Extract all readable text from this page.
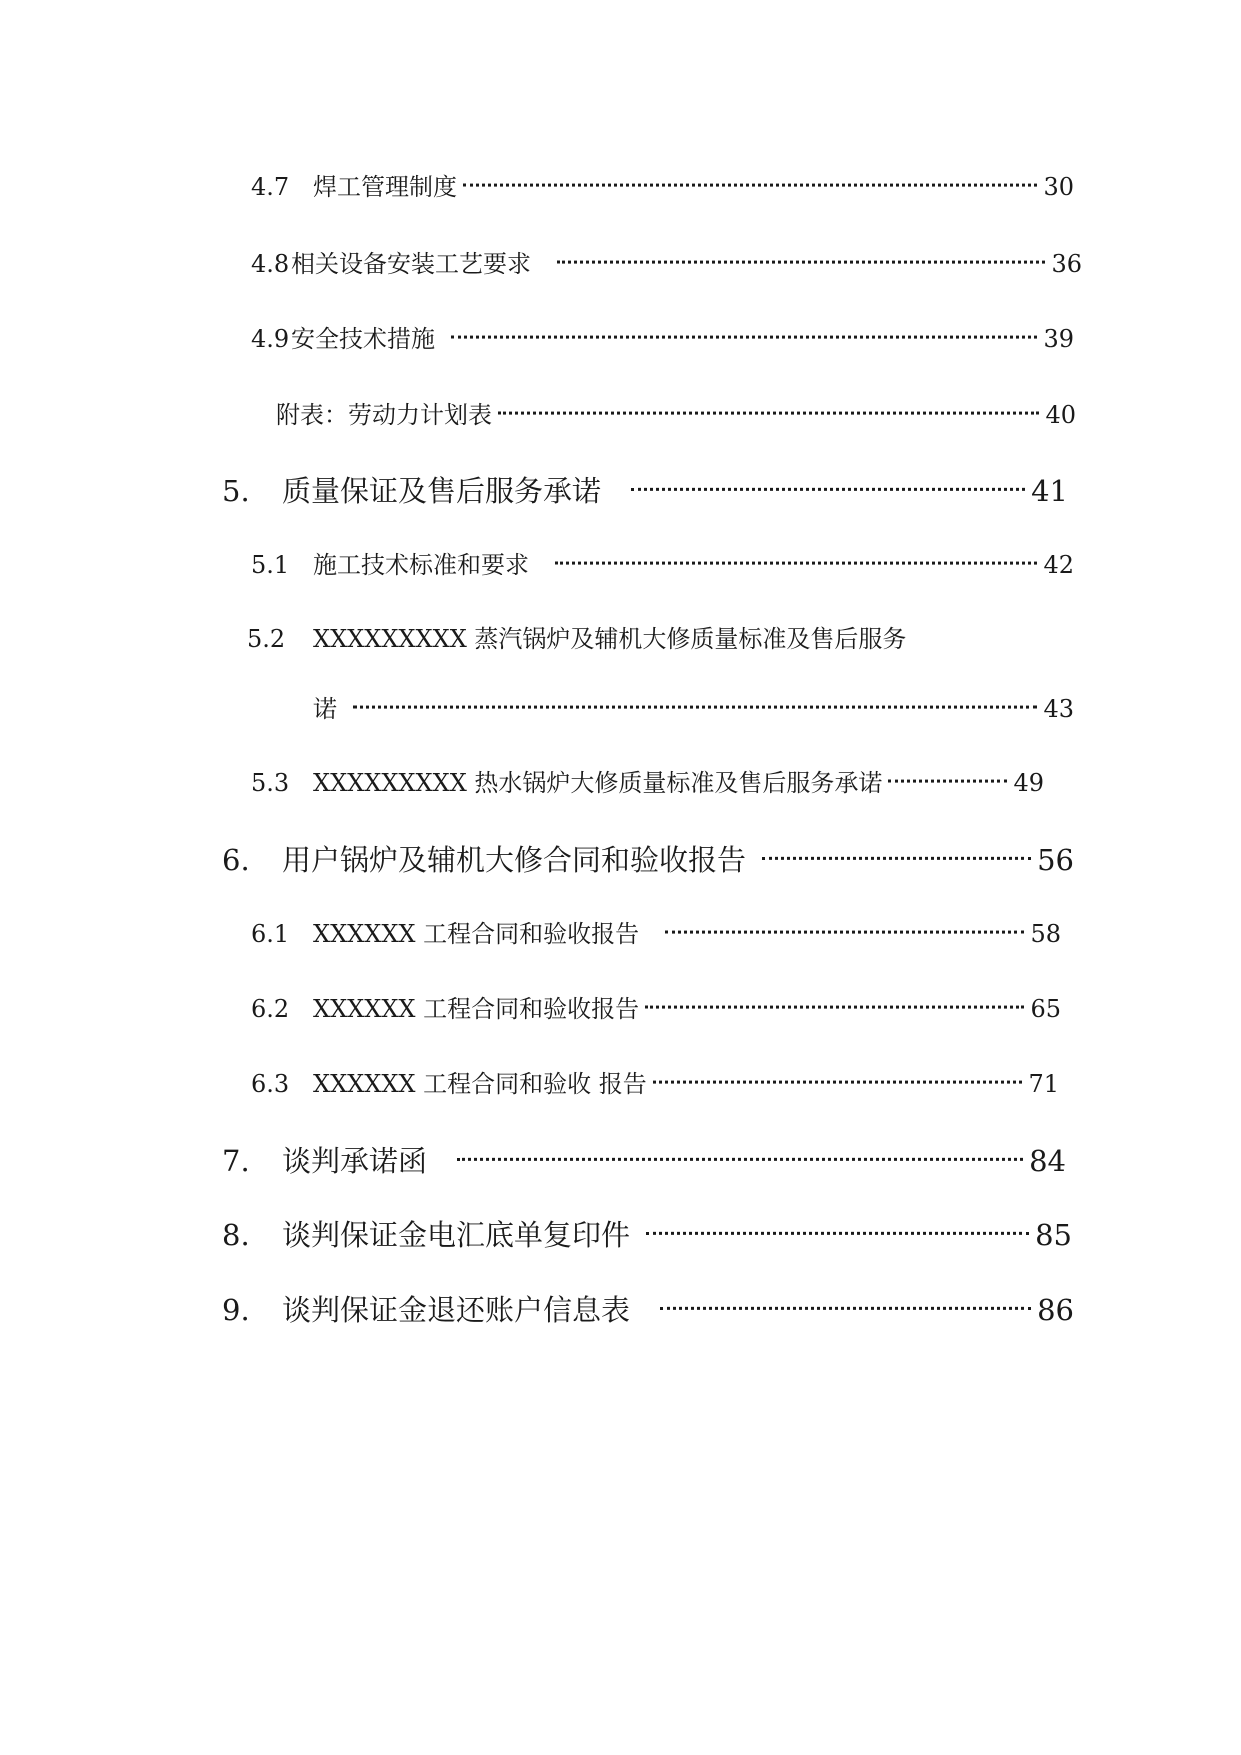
4.7 焊工管理制度	30
4.8 相关设备安装工艺要求	36
4.9 安全技术措施	39
附表：劳动力计划表	40
5.	质量保证及售后服务承诺	41
5.1 施工技术标准和要求	42
5.2	XXXXXXXXX 蒸汽锅炉及辅机大修质量标准及售后服务
诺	43
5.3 XXXXXXXXX 热水锅炉大修质量标准及售后服务承诺	49
6.	用户锅炉及辅机大修合同和验收报告	56
6.1 XXXXXX 工程合同和验收报告	58
6.2 XXXXXX 工程合同和验收报告	65
6.3 XXXXXX 工程合同和验收 报告	71
7.	谈判承诺函	84
8.	谈判保证金电汇底单复印件	85
9.	谈判保证金退还账户信息表	86
